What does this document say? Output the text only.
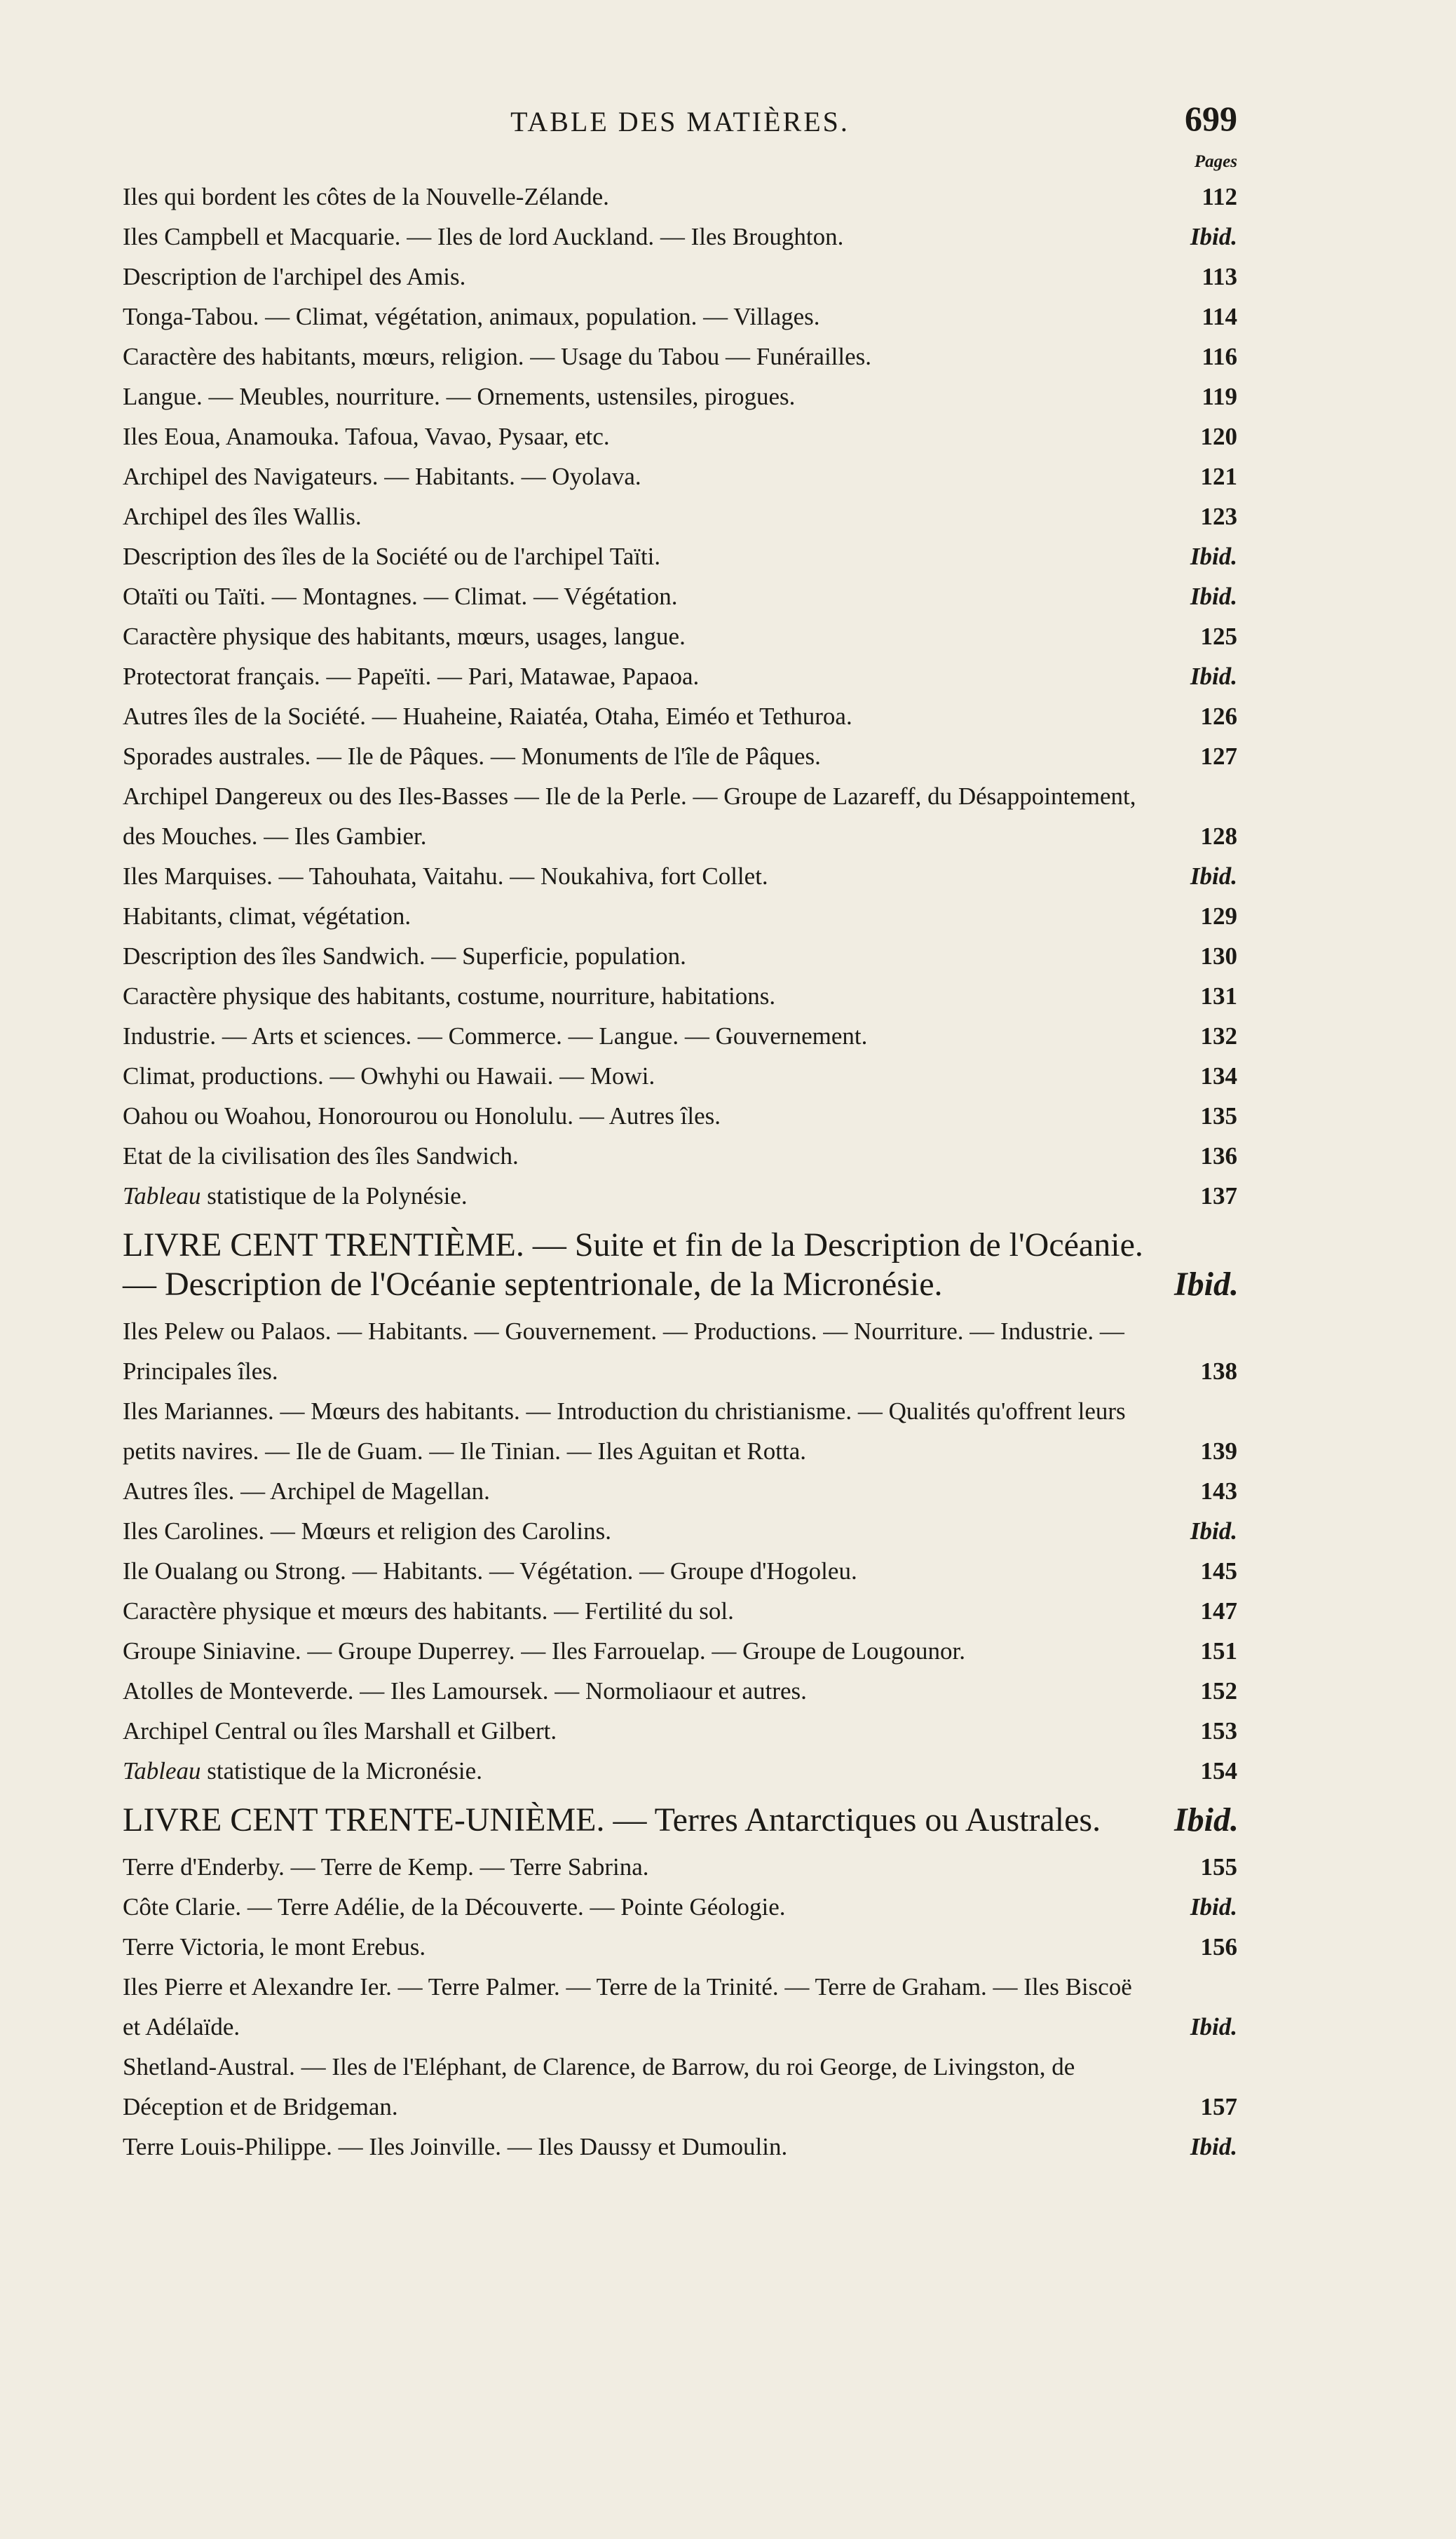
TABLE DES MATIÈRES.	699
Pages
Iles qui bordent les côtes de la Nouvelle-Zélande.	112
Iles Campbell et Macquarie. — Iles de lord Auckland. — Iles Broughton.	Ibid.
Description de l'archipel des Amis.	113
Tonga-Tabou. — Climat, végétation, animaux, population. — Villages.	114
Caractère des habitants, mœurs, religion. — Usage du Tabou — Funérailles.	116
Langue. — Meubles, nourriture. — Ornements, ustensiles, pirogues.	119
Iles Eoua, Anamouka. Tafoua, Vavao, Pysaar, etc.	120
Archipel des Navigateurs. — Habitants. — Oyolava.	121
Archipel des îles Wallis.	123
Description des îles de la Société ou de l'archipel Taïti.	Ibid.
Otaïti ou Taïti. — Montagnes. — Climat. — Végétation.	Ibid.
Caractère physique des habitants, mœurs, usages, langue.	125
Protectorat français. — Papeïti. — Pari, Matawae, Papaoa.	Ibid.
Autres îles de la Société. — Huaheine, Raiatéa, Otaha, Eiméo et Tethuroa.	126
Sporades australes. — Ile de Pâques. — Monuments de l'île de Pâques.	127
Archipel Dangereux ou des Iles-Basses — Ile de la Perle. — Groupe de Lazareff, du Désappointement, des Mouches. — Iles Gambier.	128
Iles Marquises. — Tahouhata, Vaitahu. — Noukahiva, fort Collet.	Ibid.
Habitants, climat, végétation.	129
Description des îles Sandwich. — Superficie, population.	130
Caractère physique des habitants, costume, nourriture, habitations.	131
Industrie. — Arts et sciences. — Commerce. — Langue. — Gouvernement.	132
Climat, productions. — Owhyhi ou Hawaii. — Mowi.	134
Oahou ou Woahou, Honorourou ou Honolulu. — Autres îles.	135
Etat de la civilisation des îles Sandwich.	136
Tableau statistique de la Polynésie.	137
LIVRE CENT TRENTIÈME. — Suite et fin de la Description de l'Océanie. — Description de l'Océanie septentrionale, de la Micronésie.	Ibid.
Iles Pelew ou Palaos. — Habitants. — Gouvernement. — Productions. — Nourriture. — Industrie. — Principales îles.	138
Iles Mariannes. — Mœurs des habitants. — Introduction du christianisme. — Qualités qu'offrent leurs petits navires. — Ile de Guam. — Ile Tinian. — Iles Aguitan et Rotta.	139
Autres îles. — Archipel de Magellan.	143
Iles Carolines. — Mœurs et religion des Carolins.	Ibid.
Ile Oualang ou Strong. — Habitants. — Végétation. — Groupe d'Hogoleu.	145
Caractère physique et mœurs des habitants. — Fertilité du sol.	147
Groupe Siniavine. — Groupe Duperrey. — Iles Farrouelap. — Groupe de Lougounor.	151
Atolles de Monteverde. — Iles Lamoursek. — Normoliaour et autres.	152
Archipel Central ou îles Marshall et Gilbert.	153
Tableau statistique de la Micronésie.	154
LIVRE CENT TRENTE-UNIÈME. — Terres Antarctiques ou Australes.	Ibid.
Terre d'Enderby. — Terre de Kemp. — Terre Sabrina.	155
Côte Clarie. — Terre Adélie, de la Découverte. — Pointe Géologie.	Ibid.
Terre Victoria, le mont Erebus.	156
Iles Pierre et Alexandre Ier. — Terre Palmer. — Terre de la Trinité. — Terre de Graham. — Iles Biscoë et Adélaïde.	Ibid.
Shetland-Austral. — Iles de l'Eléphant, de Clarence, de Barrow, du roi George, de Livingston, de Déception et de Bridgeman.	157
Terre Louis-Philippe. — Iles Joinville. — Iles Daussy et Dumoulin.	Ibid.
